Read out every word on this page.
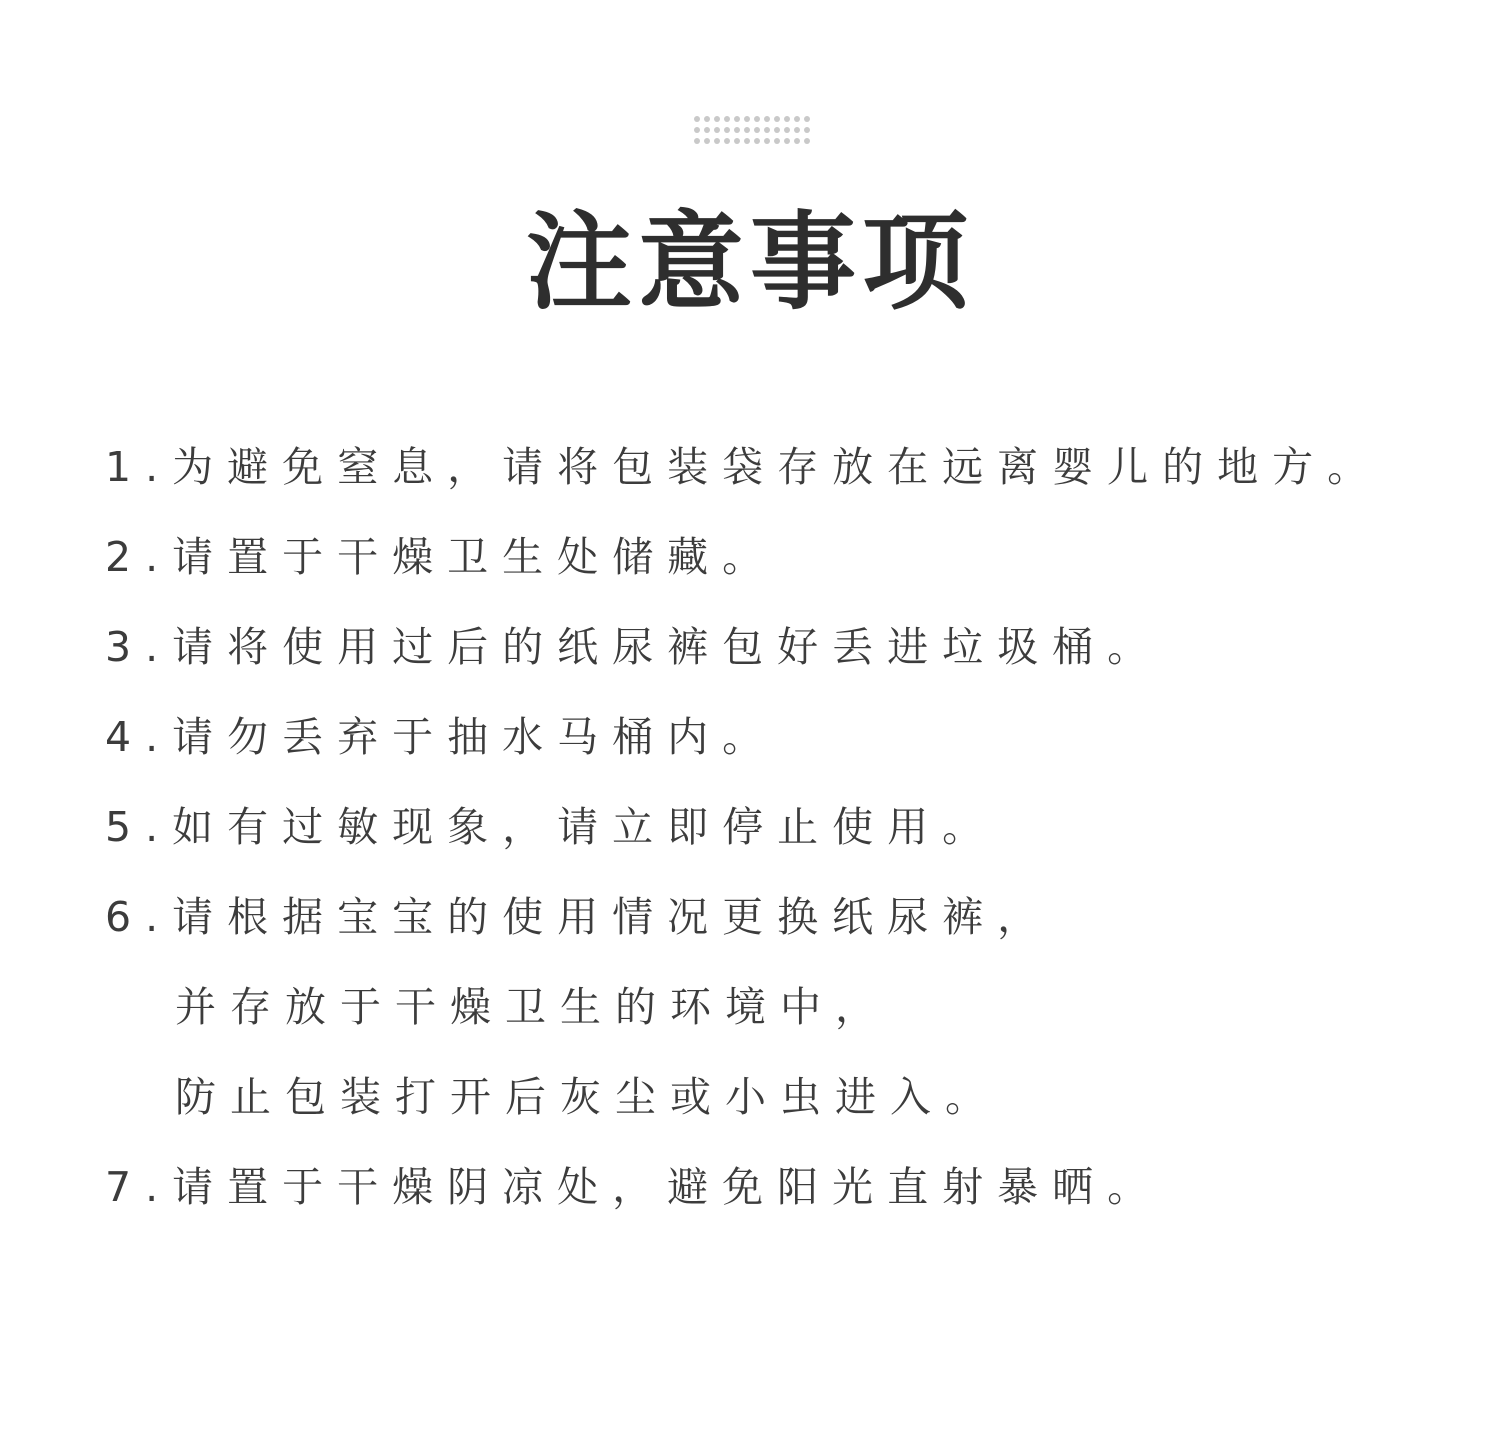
注意事项
1.为避免窒息，请将包装袋存放在远离婴儿的地方。
2.请置于干燥卫生处储藏。
3.请将使用过后的纸尿裤包好丢进垃圾桶。
4.请勿丢弃于抽水马桶内。
5.如有过敏现象，请立即停止使用。
6.请根据宝宝的使用情况更换纸尿裤，
并存放于干燥卫生的环境中，
防止包装打开后灰尘或小虫进入。
7.请置于干燥阴凉处，避免阳光直射暴晒。
